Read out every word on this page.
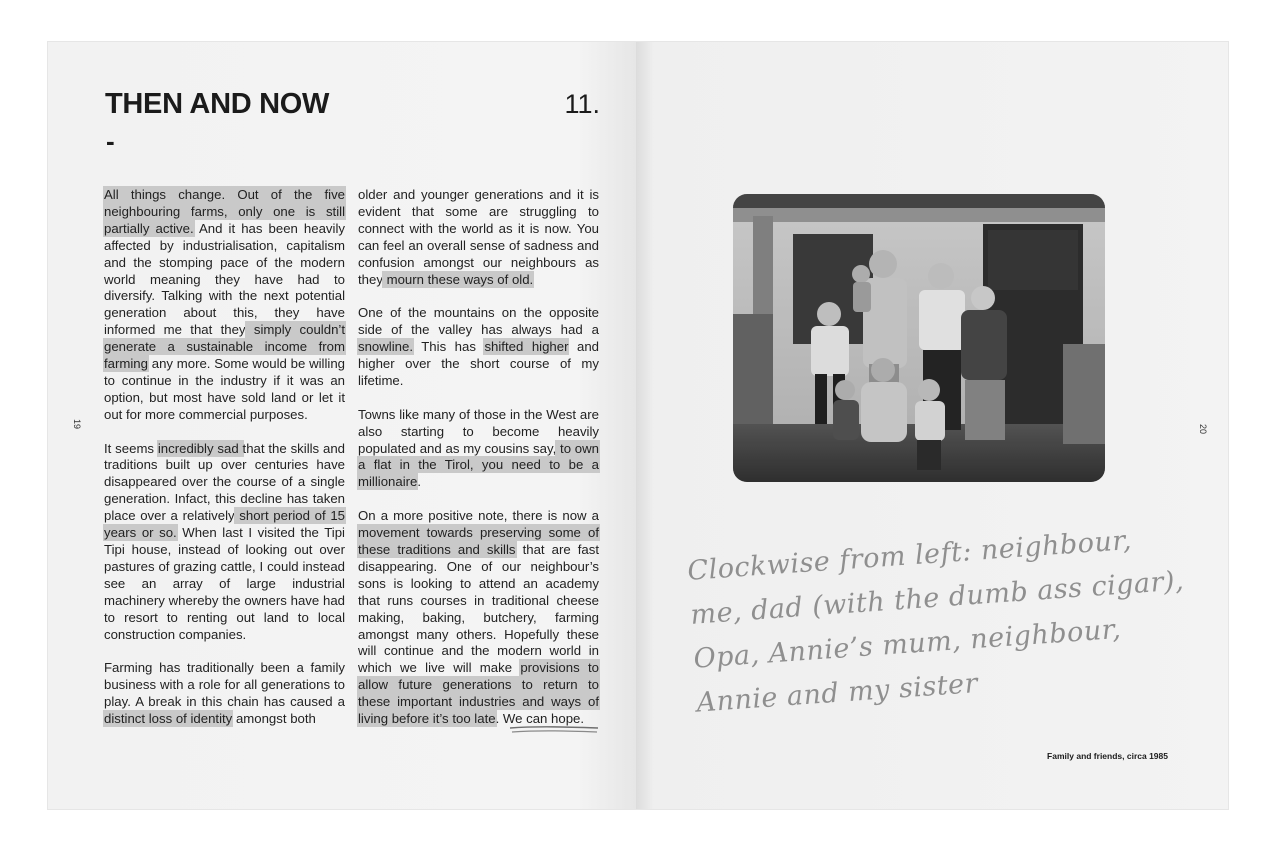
THEN AND NOW
-
11.
19

All things change. Out of the five neighbouring farms, only one is still partially active. And it has been heavily affected by industrialisation, capitalism and the stomping pace of the modern world meaning they have had to diversify. Talking with the next potential generation about this, they have informed me that they simply couldn’t generate a sustainable income from farming any more. Some would be willing to continue in the industry if it was an option, but most have sold land or let it out for more commercial purposes.

It seems incredibly sad that the skills and traditions built up over centuries have disappeared over the course of a single generation. Infact, this decline has taken place over a relatively short period of 15 years or so. When last I visited the Tipi Tipi house, instead of looking out over pastures of grazing cattle, I could instead see an array of large industrial machinery whereby the owners have had to resort to renting out land to local construction companies.

Farming has traditionally been a family business with a role for all generations to play. A break in this chain has caused a distinct loss of identity amongst both

older and younger generations and it is evident that some are struggling to connect with the world as it is now. You can feel an overall sense of sadness and confusion amongst our neighbours as they mourn these ways of old.

One of the mountains on the opposite side of the valley has always had a snowline. This has shifted higher and higher over the short course of my lifetime.

Towns like many of those in the West are also starting to become heavily populated and as my cousins say, to own a flat in the Tirol, you need to be a millionaire.

On a more positive note, there is now a movement towards preserving some of these traditions and skills that are fast disappearing. One of our neighbour’s sons is looking to attend an academy that runs courses in traditional cheese making, baking, butchery, farming amongst many others. Hopefully these will continue and the modern world in which we live will make provisions to allow future generations to return to these important industries and ways of living before it’s too late. We can hope.

20
Clockwise from left: neighbour, me, dad (with the dumb ass cigar), Opa, Annie’s mum, neighbour, Annie and my sister
Family and friends, circa 1985
